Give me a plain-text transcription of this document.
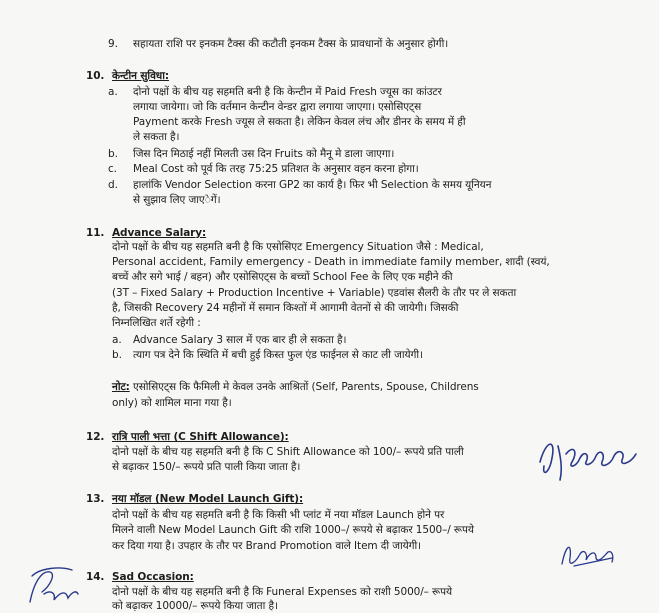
9. सहायता राशि पर इनकम टैक्स की कटौती इनकम टैक्स के प्रावधानों के अनुसार होगी।
10. केन्टीन सुविधा:
a. दोनो पक्षों के बीच यह सहमति बनी है कि केन्टीन में Paid Fresh ज्यूस का कांउटर
लगाया जायेगा। जो कि वर्तमान केन्टीन वेन्डर द्वारा लगाया जाएगा। एसोसिएट्स
Payment करके Fresh ज्यूस ले सकता है। लेकिन केवल लंच और डीनर के समय में ही
ले सकता है।
b. जिस दिन मिठाई नहीं मिलती उस दिन Fruits को मैनू मे डाला जाएगा।
c. Meal Cost को पूर्व कि तरह 75:25 प्रतिशत के अनुसार वहन करना होगा।
d. हालांकि Vendor Selection करना GP2 का कार्य है। फिर भी Selection के समय यूनियन
से सुझाव लिए जाएेगें।
11. Advance Salary:
दोनो पक्षों के बीच यह सहमति बनी है कि एसोसिएट Emergency Situation जैसे : Medical,
Personal accident, Family emergency - Death in immediate family member, शादी (स्वयं,
बच्चें और सगे भाई / बहन) और एसोसिएट्स के बच्चों School Fee के लिए एक महीने की
(3T – Fixed Salary + Production Incentive + Variable) एडवांस सैलरी के तौर पर ले सकता
है, जिसकी Recovery 24 महीनों में समान किश्तों में आगामी वेतनों से की जायेगी। जिसकी
निम्नलिखित शर्ते रहेगी :
a. Advance Salary 3 साल में एक बार ही ले सकता है।
b. त्याग पत्र देने कि स्थिति में बची हुई किस्त फुल एंड फाईनल से काट ली जायेगी।
नोट: एसोसिएट्स कि फैमिली मे केवल उनके आश्रितों (Self, Parents, Spouse, Childrens
only) को शामिल माना गया है।
12. रात्रि पाली भत्ता (C Shift Allowance):
दोनो पक्षों के बीच यह सहमति बनी है कि C Shift Allowance को 100/– रूपये प्रति पाली
से बढ़ाकर 150/– रूपये प्रति पाली किया जाता है।
13. नया मॉडल (New Model Launch Gift):
दोनो पक्षों के बीच यह सहमति बनी है कि किसी भी प्लांट में नया मॉडल Launch होने पर
मिलने वाली New Model Launch Gift की राशि 1000–/ रूपये से बढ़ाकर 1500–/ रूपये
कर दिया गया है। उपहार के तौर पर Brand Promotion वाले Item दी जायेगी।
14. Sad Occasion:
दोनो पक्षों के बीच यह सहमति बनी है कि Funeral Expenses को राशी 5000/– रूपये
को बढ़ाकर 10000/– रूपये किया जाता है।
